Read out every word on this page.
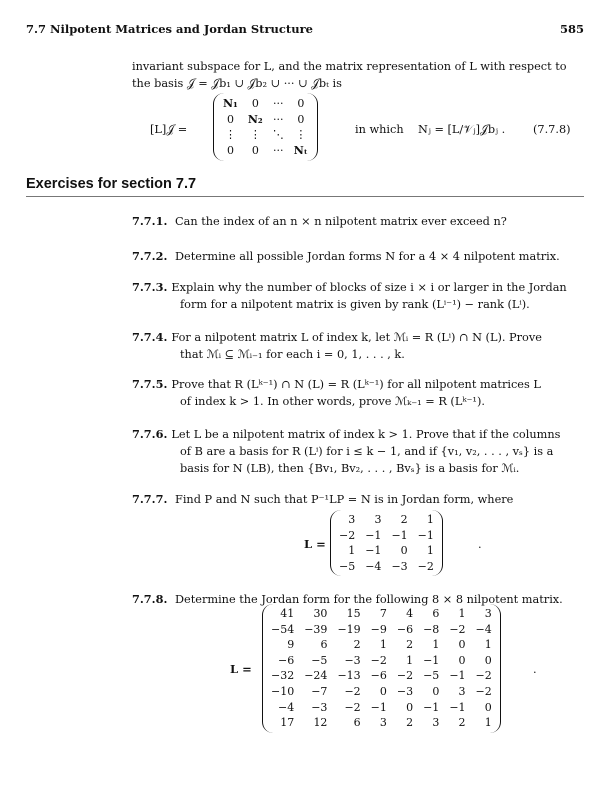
7.7 Nilpotent Matrices and Jordan Structure	585
invariant subspace for L, and the matrix representation of L with respect to
the basis 𝒥 = 𝒥b₁ ∪ 𝒥b₂ ∪ ··· ∪ 𝒥bₜ is
[L]𝒥 =
N₁	0	···	0
0	N₂	···	0
⋮	⋮	⋱	⋮
0	0	···	Nₜ
in which Nⱼ = [L/𝒱ⱼ]𝒥bⱼ . (7.7.8)
Exercises for section 7.7
7.7.1. Can the index of an n × n nilpotent matrix ever exceed n?
7.7.2. Determine all possible Jordan forms N for a 4 × 4 nilpotent matrix.
7.7.3. Explain why the number of blocks of size i × i or larger in the Jordan
form for a nilpotent matrix is given by rank (Lⁱ⁻¹) − rank (Lⁱ).
7.7.4. For a nilpotent matrix L of index k, let ℳᵢ = R (Lⁱ) ∩ N (L). Prove
that ℳᵢ ⊆ ℳᵢ₋₁ for each i = 0, 1, . . . , k.
7.7.5. Prove that R (Lᵏ⁻¹) ∩ N (L) = R (Lᵏ⁻¹) for all nilpotent matrices L
of index k > 1. In other words, prove ℳₖ₋₁ = R (Lᵏ⁻¹).
7.7.6. Let L be a nilpotent matrix of index k > 1. Prove that if the columns
of B are a basis for R (Lⁱ) for i ≤ k − 1, and if {v₁, v₂, . . . , vₛ} is a
basis for N (LB), then {Bv₁, Bv₂, . . . , Bvₛ} is a basis for ℳᵢ.
7.7.7. Find P and N such that P⁻¹LP = N is in Jordan form, where
L =
3	3	2	1
−2	−1	−1	−1
1	−1	0	1
−5	−4	−3	−2
.
7.7.8. Determine the Jordan form for the following 8 × 8 nilpotent matrix.
L =
41	30	15	7	4	6	1	3
−54	−39	−19	−9	−6	−8	−2	−4
9	6	2	1	2	1	0	1
−6	−5	−3	−2	1	−1	0	0
−32	−24	−13	−6	−2	−5	−1	−2
−10	−7	−2	0	−3	0	3	−2
−4	−3	−2	−1	0	−1	−1	0
17	12	6	3	2	3	2	1
.
